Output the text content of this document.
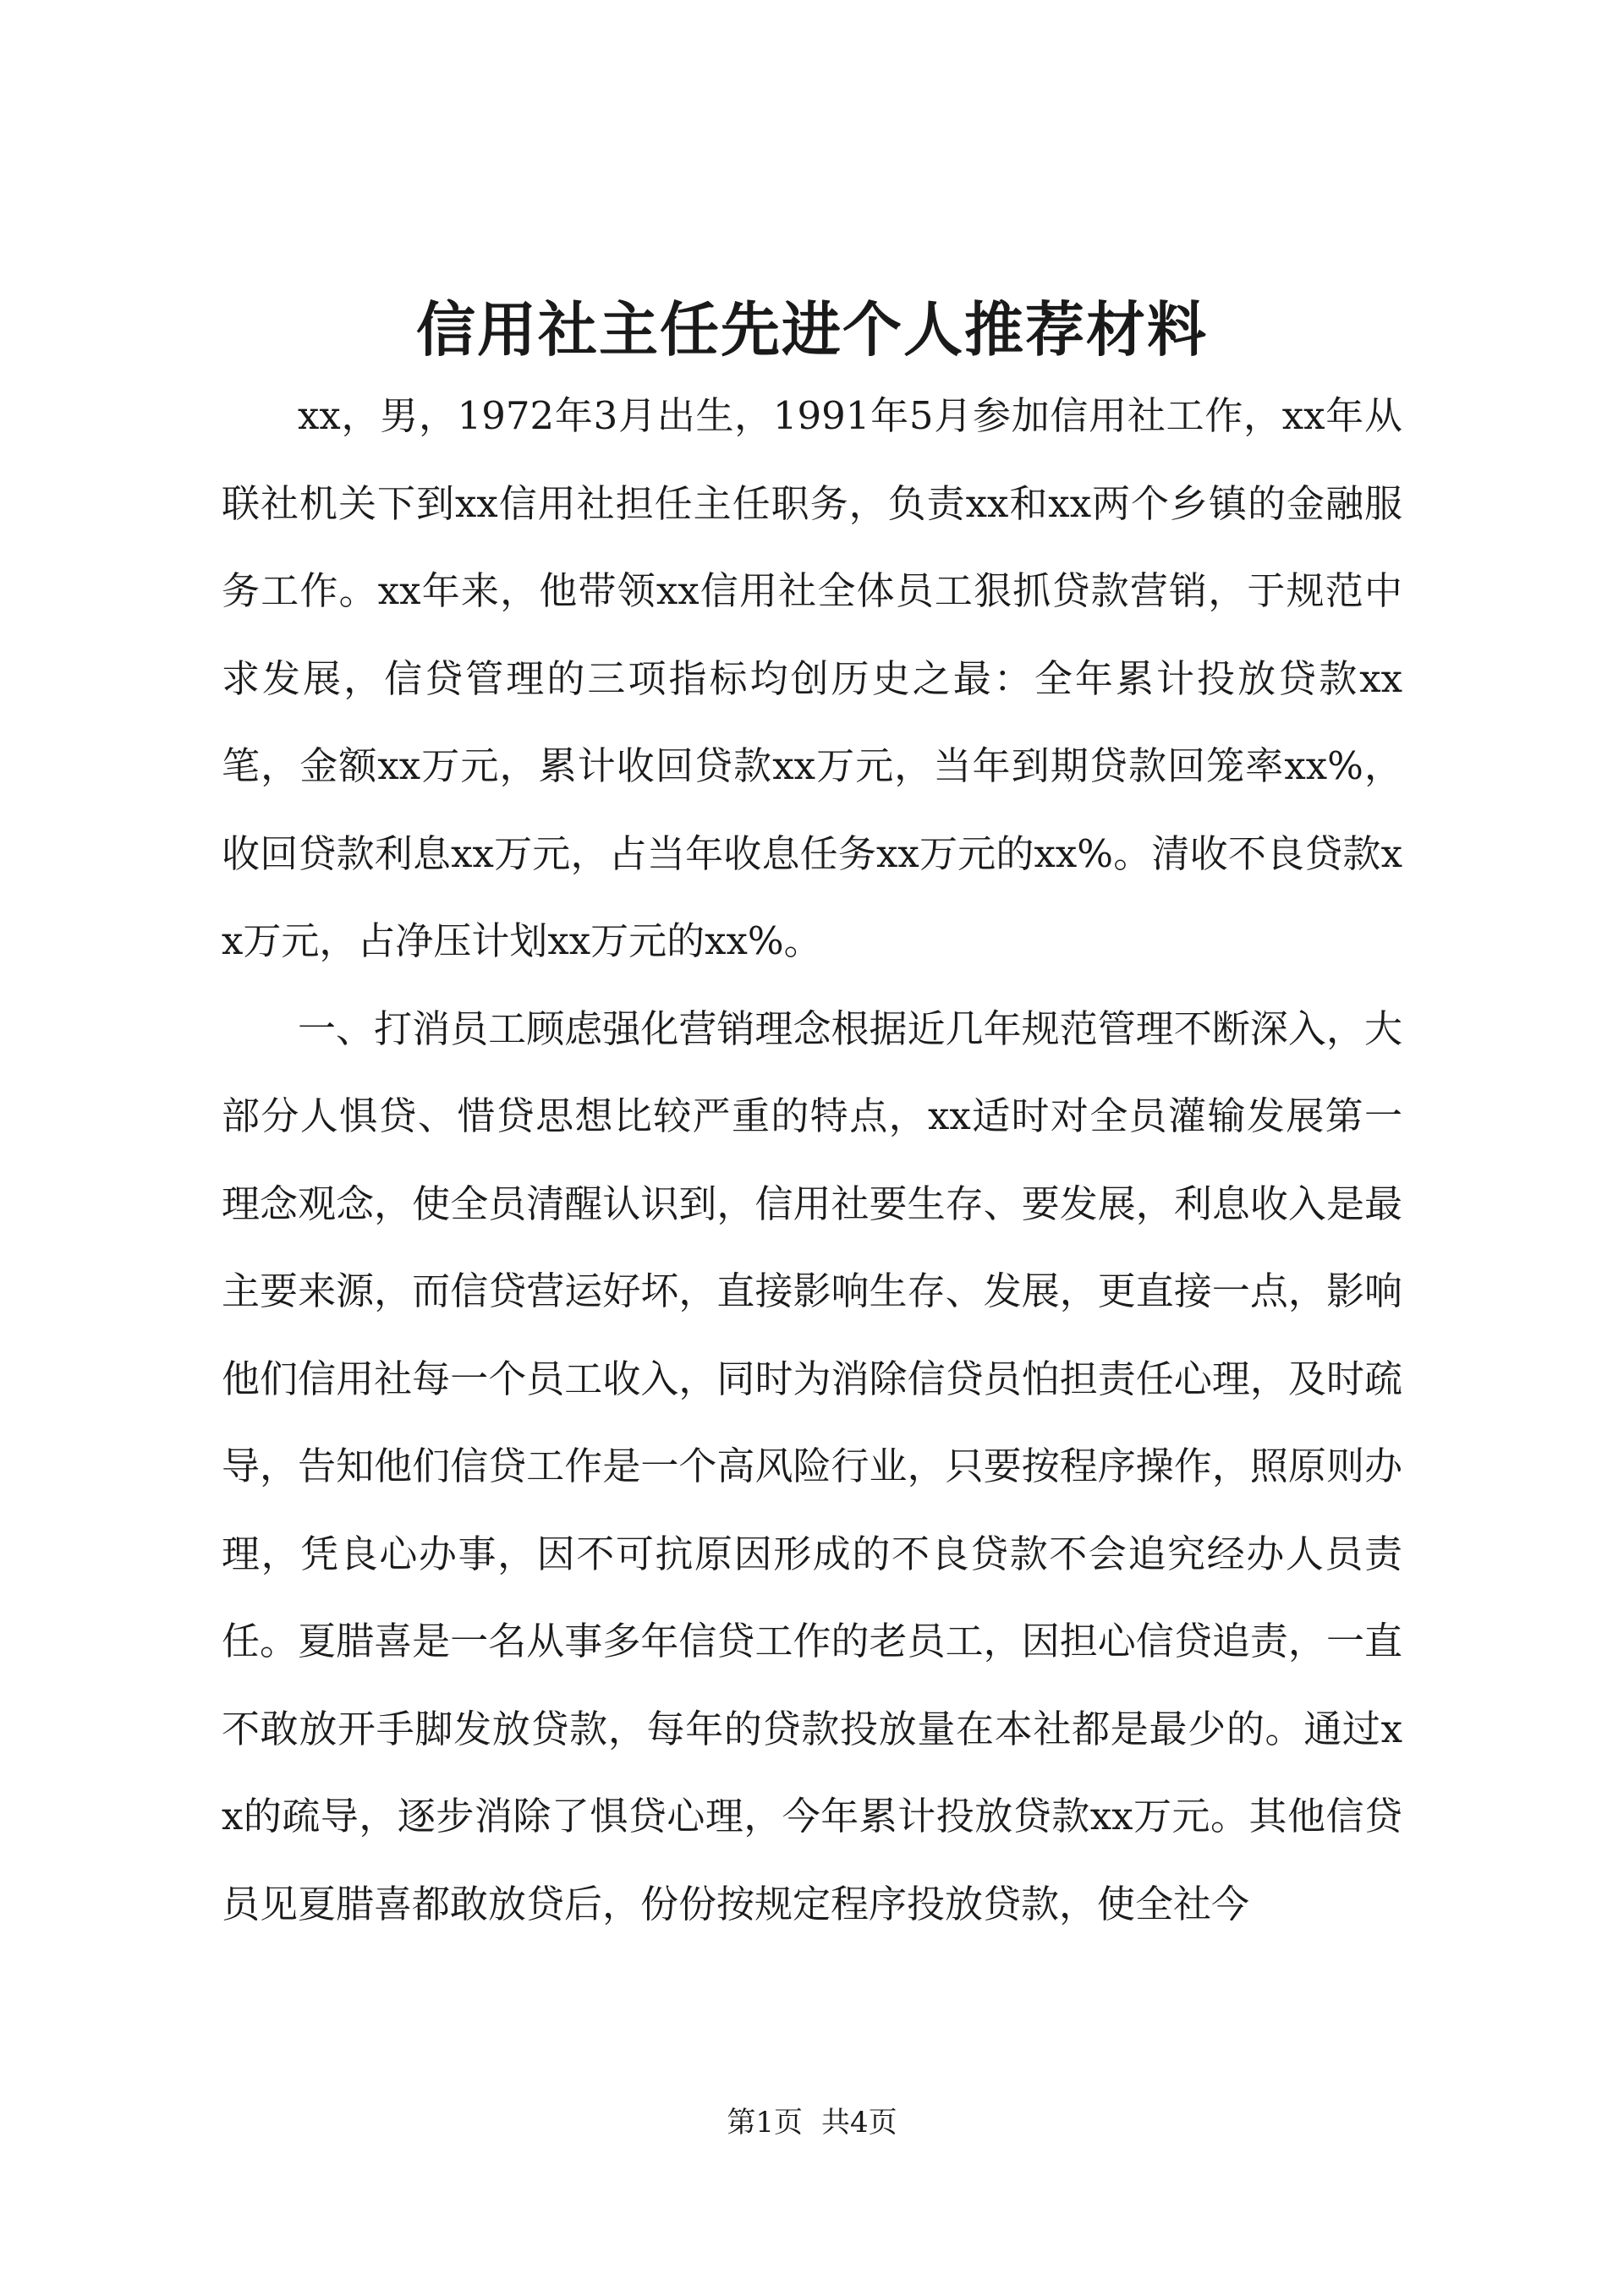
信用社主任先进个人推荐材料

xx，男，1972年3月出生，1991年5月参加信用社工作，xx年从联社机关下到xx信用社担任主任职务，负责xx和xx两个乡镇的金融服务工作。xx年来，他带领xx信用社全体员工狠抓贷款营销，于规范中求发展，信贷管理的三项指标均创历史之最：全年累计投放贷款xx笔，金额xx万元，累计收回贷款xx万元，当年到期贷款回笼率xx%，收回贷款利息xx万元，占当年收息任务xx万元的xx%。清收不良贷款xx万元，占净压计划xx万元的xx%。

一、打消员工顾虑强化营销理念根据近几年规范管理不断深入，大部分人惧贷、惜贷思想比较严重的特点，xx适时对全员灌输发展第一理念观念，使全员清醒认识到，信用社要生存、要发展，利息收入是最主要来源，而信贷营运好坏，直接影响生存、发展，更直接一点，影响他们信用社每一个员工收入，同时为消除信贷员怕担责任心理，及时疏导，告知他们信贷工作是一个高风险行业，只要按程序操作，照原则办理，凭良心办事，因不可抗原因形成的不良贷款不会追究经办人员责任。夏腊喜是一名从事多年信贷工作的老员工，因担心信贷追责，一直不敢放开手脚发放贷款，每年的贷款投放量在本社都是最少的。通过xx的疏导，逐步消除了惧贷心理，今年累计投放贷款xx万元。其他信贷员见夏腊喜都敢放贷后，份份按规定程序投放贷款，使全社今

第1页 共4页
